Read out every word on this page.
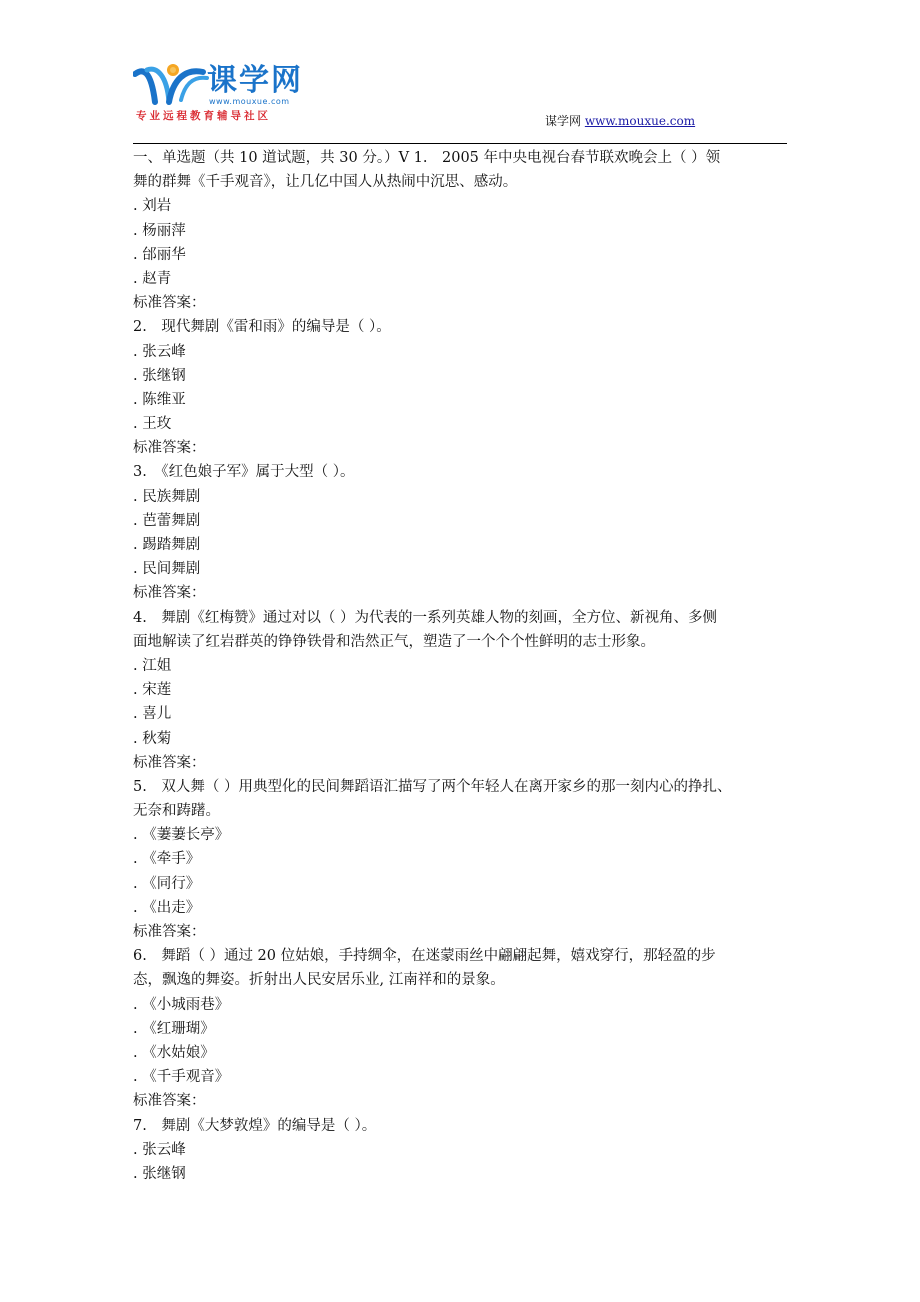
课学网
www.mouxue.com
专业远程教育辅导社区	谋学网 www.mouxue.com
一、单选题（共 10 道试题，共 30 分。）V 1.　2005 年中央电视台春节联欢晚会上（ ）领
舞的群舞《千手观音》，让几亿中国人从热闹中沉思、感动。
. 刘岩
. 杨丽萍
. 邰丽华
. 赵青
标准答案：
2.　现代舞剧《雷和雨》的编导是（ ）。
. 张云峰
. 张继钢
. 陈维亚
. 王玫
标准答案：
3.　《红色娘子军》属于大型（ ）。
. 民族舞剧
. 芭蕾舞剧
. 踢踏舞剧
. 民间舞剧
标准答案：
4.　舞剧《红梅赞》通过对以（ ）为代表的一系列英雄人物的刻画，全方位、新视角、多侧
面地解读了红岩群英的铮铮铁骨和浩然正气，塑造了一个个个性鲜明的志士形象。
. 江姐
. 宋莲
. 喜儿
. 秋菊
标准答案：
5.　双人舞（ ）用典型化的民间舞蹈语汇描写了两个年轻人在离开家乡的那一刻内心的挣扎、
无奈和踌躇。
. 《萋萋长亭》
. 《牵手》
. 《同行》
. 《出走》
标准答案：
6.　舞蹈（ ）通过 20 位姑娘，手持绸伞，在迷蒙雨丝中翩翩起舞，嬉戏穿行，那轻盈的步
态，飘逸的舞姿。折射出人民安居乐业, 江南祥和的景象。
. 《小城雨巷》
. 《红珊瑚》
. 《水姑娘》
. 《千手观音》
标准答案：
7.　舞剧《大梦敦煌》的编导是（ ）。
. 张云峰
. 张继钢
